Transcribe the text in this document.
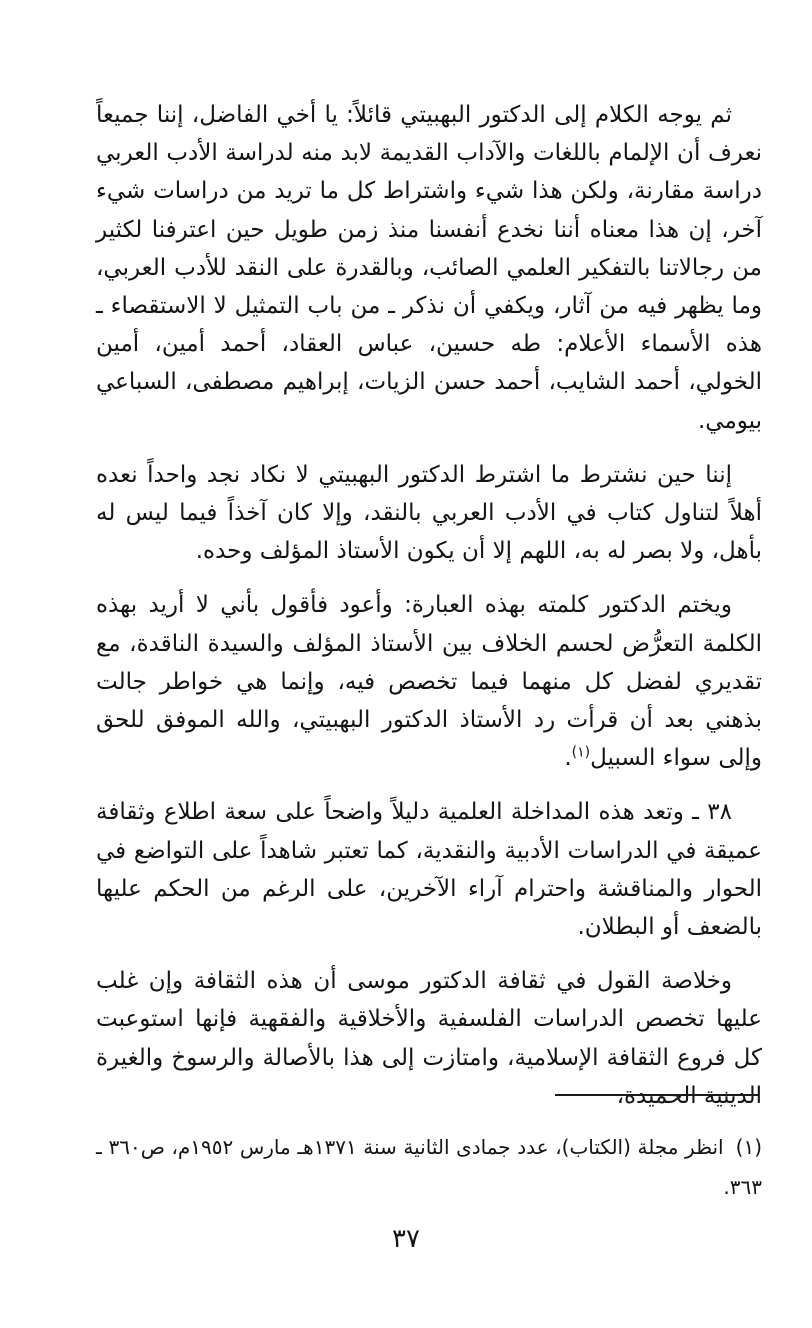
ثم يوجه الكلام إلى الدكتور البهبيتي قائلاً: يا أخي الفاضل، إننا جميعاً نعرف أن الإلمام باللغات والآداب القديمة لابد منه لدراسة الأدب العربي دراسة مقارنة، ولكن هذا شيء واشتراط كل ما تريد من دراسات شيء آخر، إن هذا معناه أننا نخدع أنفسنا منذ زمن طويل حين اعترفنا لكثير من رجالاتنا بالتفكير العلمي الصائب، وبالقدرة على النقد للأدب العربي، وما يظهر فيه من آثار، ويكفي أن نذكر ـ من باب التمثيل لا الاستقصاء ـ هذه الأسماء الأعلام: طه حسين، عباس العقاد، أحمد أمين، أمين الخولي، أحمد الشايب، أحمد حسن الزيات، إبراهيم مصطفى، السباعي بيومي.

إننا حين نشترط ما اشترط الدكتور البهبيتي لا نكاد نجد واحداً نعده أهلاً لتناول كتاب في الأدب العربي بالنقد، وإلا كان آخذاً فيما ليس له بأهل، ولا بصر له به، اللهم إلا أن يكون الأستاذ المؤلف وحده.

ويختم الدكتور كلمته بهذه العبارة: وأعود فأقول بأني لا أريد بهذه الكلمة التعرُّض لحسم الخلاف بين الأستاذ المؤلف والسيدة الناقدة، مع تقديري لفضل كل منهما فيما تخصص فيه، وإنما هي خواطر جالت بذهني بعد أن قرأت رد الأستاذ الدكتور البهبيتي، والله الموفق للحق وإلى سواء السبيل$^{(١)}$.

٣٨ ـ وتعد هذه المداخلة العلمية دليلاً واضحاً على سعة اطلاع وثقافة عميقة في الدراسات الأدبية والنقدية، كما تعتبر شاهداً على التواضع في الحوار والمناقشة واحترام آراء الآخرين، على الرغم من الحكم عليها بالضعف أو البطلان.

وخلاصة القول في ثقافة الدكتور موسى أن هذه الثقافة وإن غلب عليها تخصص الدراسات الفلسفية والأخلاقية والفقهية فإنها استوعبت كل فروع الثقافة الإسلامية، وامتازت إلى هذا بالأصالة والرسوخ والغيرة الدينية الحميدة،

(١)انظر مجلة (الكتاب)، عدد جمادى الثانية سنة ١٣٧١هـ مارس ١٩٥٢م، ص٣٦٠ ـ ٣٦٣.
٣٧
